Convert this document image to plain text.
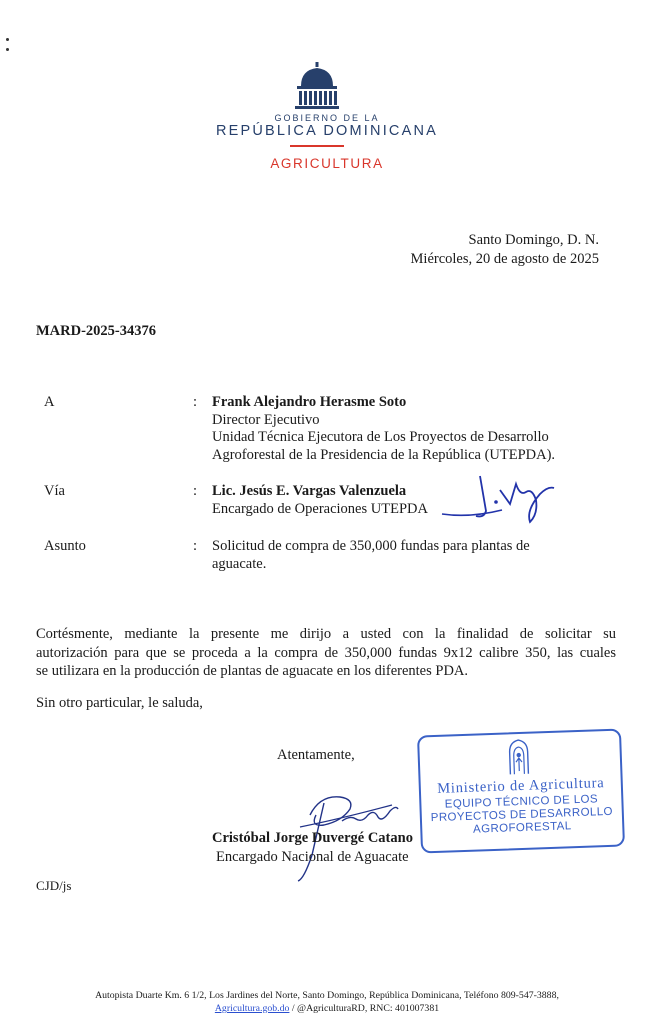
GOBIERNO DE LA
REPÚBLICA DOMINICANA
AGRICULTURA
Santo Domingo, D. N.
Miércoles, 20 de agosto de 2025
MARD-2025-34376
A	: Frank Alejandro Herasme Soto
Director Ejecutivo
Unidad Técnica Ejecutora de Los Proyectos de Desarrollo
Agroforestal de la Presidencia de la República (UTEPDA).
Vía	: Lic. Jesús E. Vargas Valenzuela
Encargado de Operaciones UTEPDA
Asunto	: Solicitud de compra de 350,000 fundas para plantas de
aguacate.
Cortésmente, mediante la presente me dirijo a usted con la finalidad de solicitar su
autorización para que se proceda a la compra de 350,000 fundas 9x12 calibre 350, las cuales
se utilizara en la producción de plantas de aguacate en los diferentes PDA.
Sin otro particular, le saluda,
Atentamente,
Cristóbal Jorge Duvergé Catano
Encargado Nacional de Aguacate
Ministerio de Agricultura
EQUIPO TÉCNICO DE LOS
PROYECTOS DE DESARROLLO
AGROFORESTAL
CJD/js
Autopista Duarte Km. 6 1/2, Los Jardines del Norte, Santo Domingo, República Dominicana, Teléfono 809-547-3888,
Agricultura.gob.do / @AgriculturaRD, RNC: 401007381
